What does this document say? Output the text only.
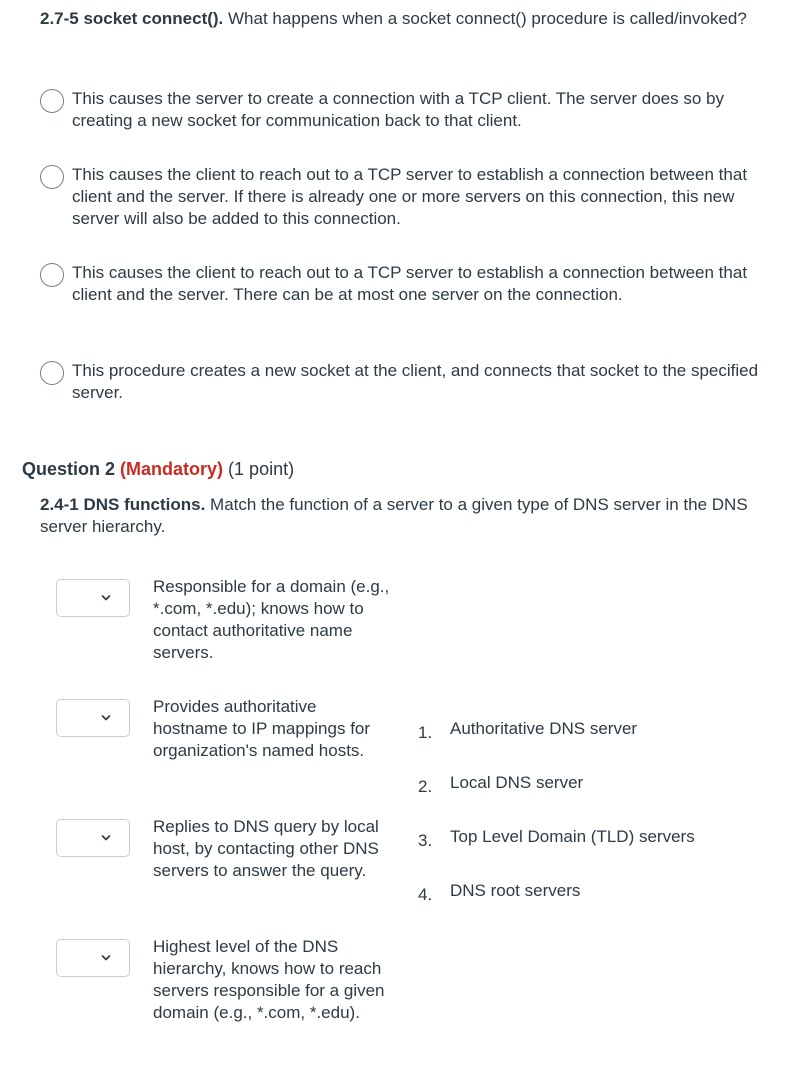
2.7-5 socket connect(). What happens when a socket connect() procedure is called/invoked?
This causes the server to create a connection with a TCP client. The server does so by creating a new socket for communication back to that client.
This causes the client to reach out to a TCP server to establish a connection between that client and the server. If there is already one or more servers on this connection, this new server will also be added to this connection.
This causes the client to reach out to a TCP server to establish a connection between that client and the server. There can be at most one server on the connection.
This procedure creates a new socket at the client, and connects that socket to the specified server.
Question 2 (Mandatory) (1 point)
2.4-1 DNS functions. Match the function of a server to a given type of DNS server in the DNS server hierarchy.
Responsible for a domain (e.g., *.com, *.edu); knows how to contact authoritative name servers.
Provides authoritative hostname to IP mappings for organization's named hosts.
Replies to DNS query by local host, by contacting other DNS servers to answer the query.
Highest level of the DNS hierarchy, knows how to reach servers responsible for a given domain (e.g., *.com, *.edu).
1.	Authoritative DNS server
2.	Local DNS server
3.	Top Level Domain (TLD) servers
4.	DNS root servers
